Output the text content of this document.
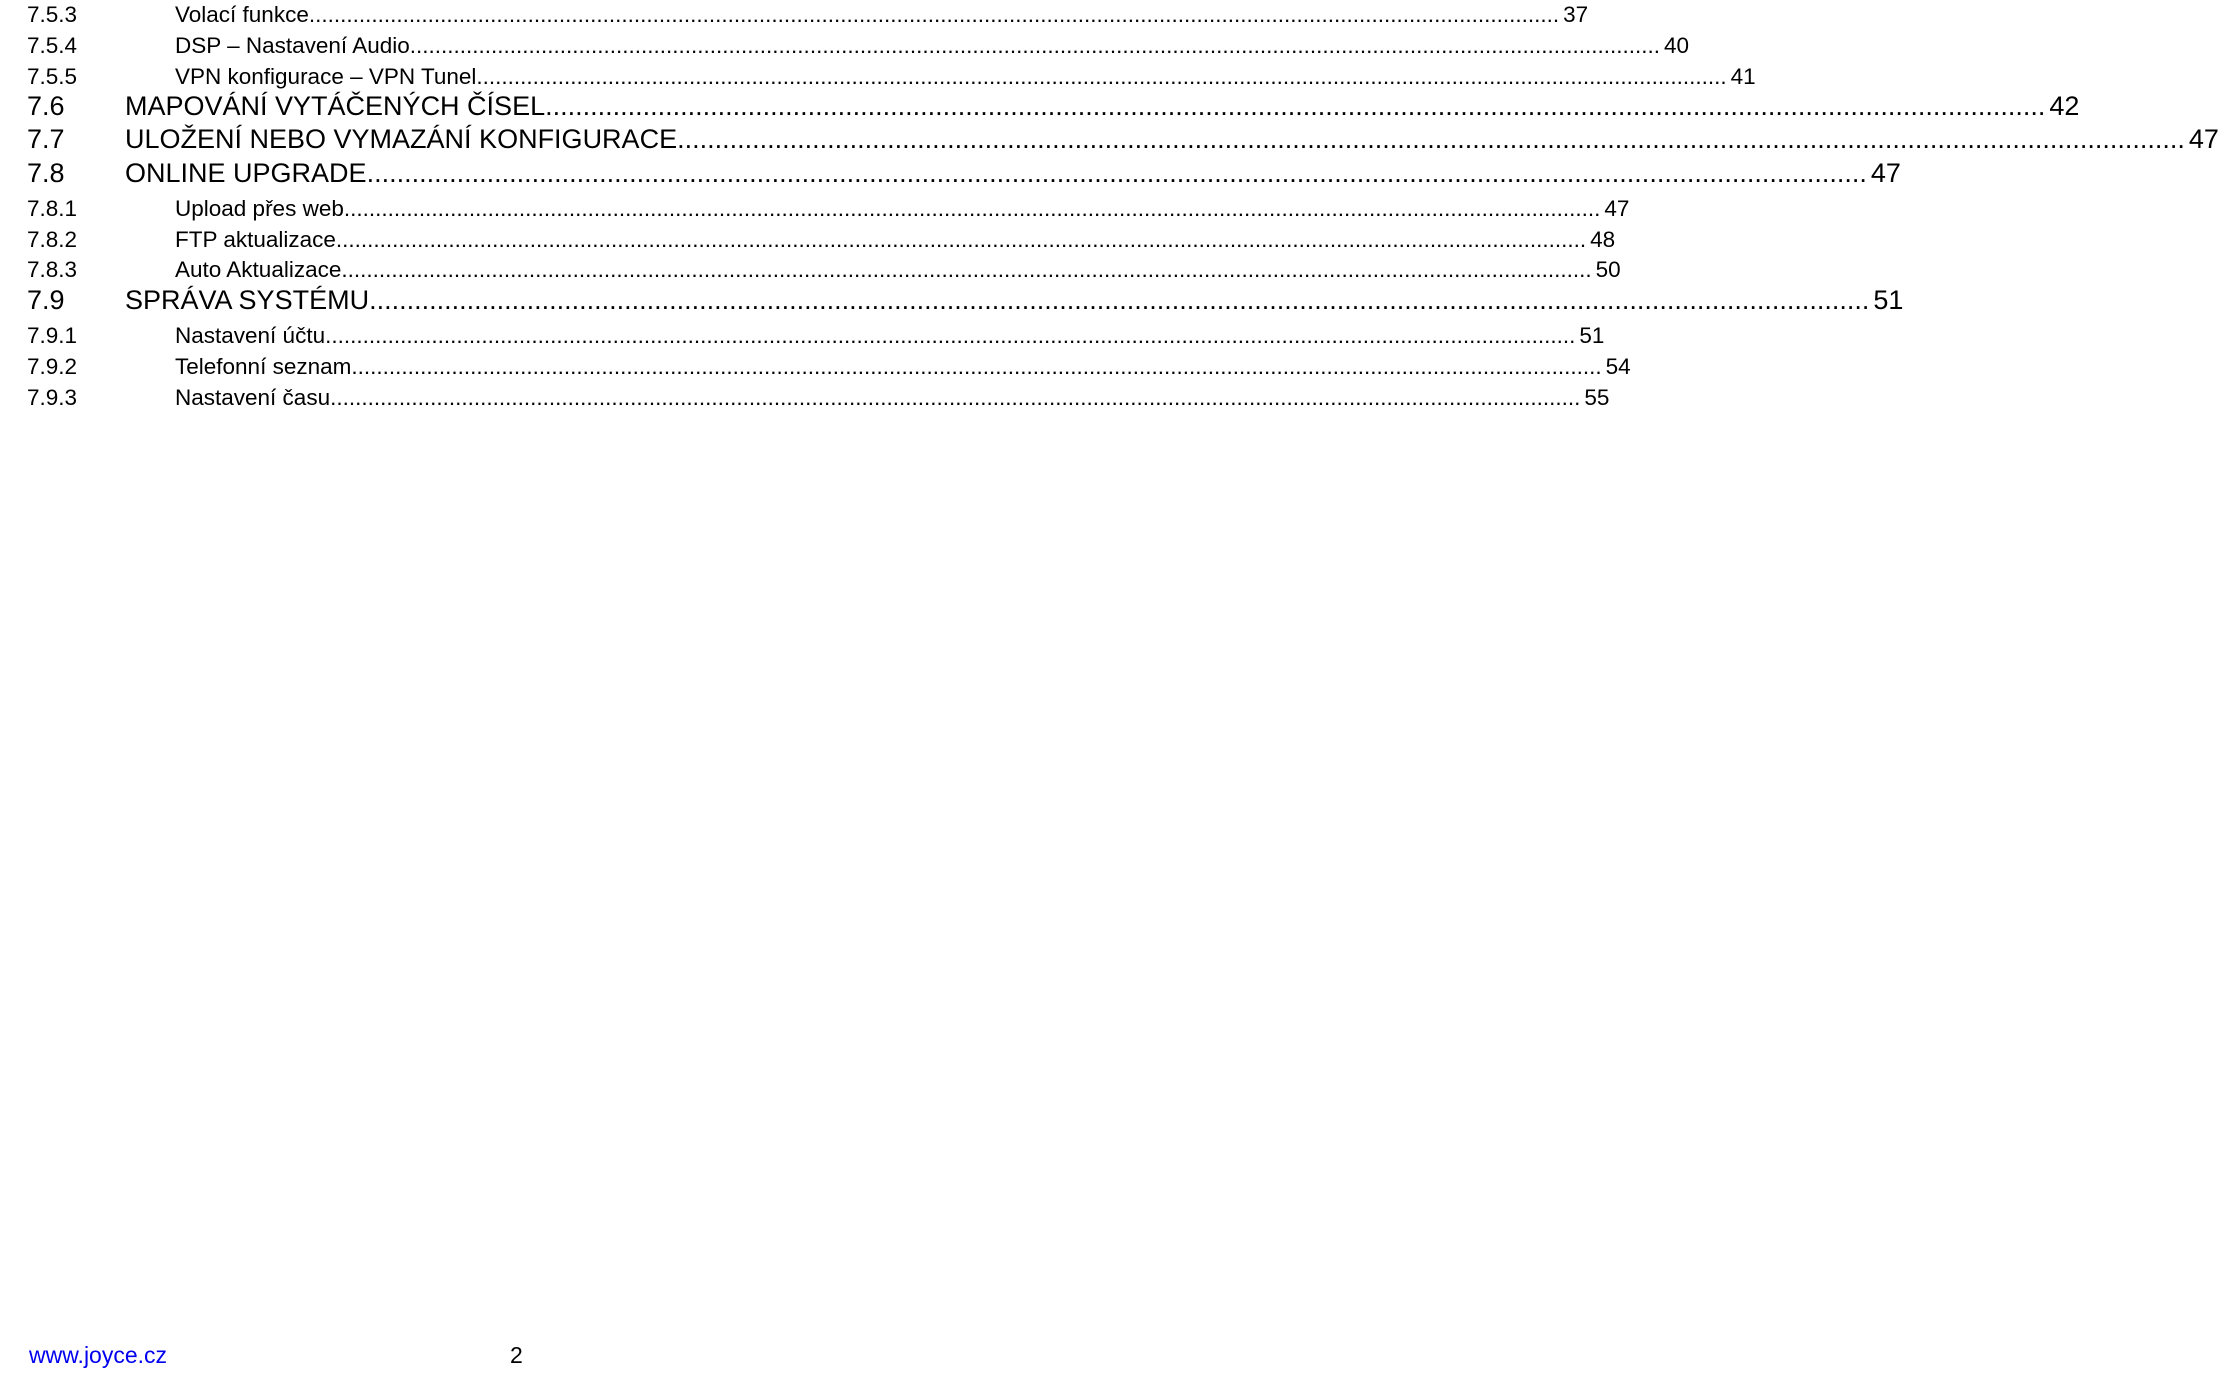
7.5.3	Volací funkce ........................................................................................................................................................................................................ 37
7.5.4	DSP – Nastavení Audio ........................................................................................................................................................................................................ 40
7.5.5	VPN konfigurace – VPN Tunel ........................................................................................................................................................................................................ 41
7.6 MAPOVÁNÍ VYTÁČENÝCH ČÍSEL ........................................................................................................................................................................................................ 42
7.7 ULOŽENÍ NEBO VYMAZÁNÍ KONFIGURACE. ........................................................................................................................................................................................................ 47
7.8 ONLINE UPGRADE ........................................................................................................................................................................................................ 47
7.8.1	Upload přes web. ........................................................................................................................................................................................................ 47
7.8.2	FTP aktualizace ........................................................................................................................................................................................................ 48
7.8.3	Auto Aktualizace ........................................................................................................................................................................................................ 50
7.9 SPRÁVA SYSTÉMU ........................................................................................................................................................................................................ 51
7.9.1	Nastavení účtu ........................................................................................................................................................................................................ 51
7.9.2	Telefonní seznam ........................................................................................................................................................................................................ 54
7.9.3	Nastavení času ........................................................................................................................................................................................................ 55
www.joyce.cz	2
